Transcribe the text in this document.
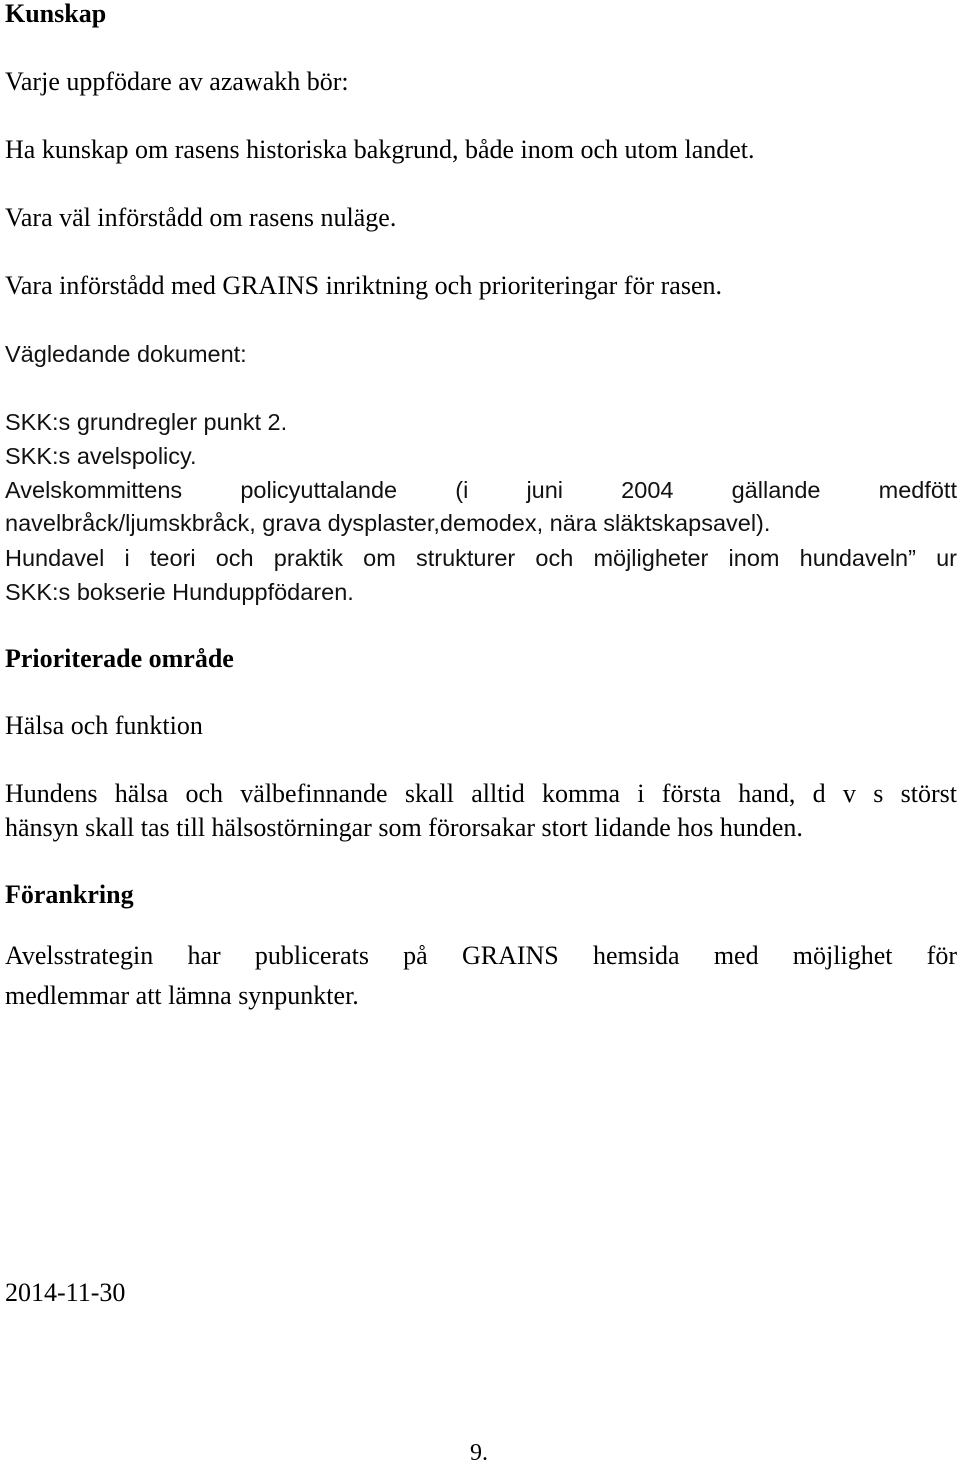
Kunskap

Varje uppfödare av azawakh bör:

Ha kunskap om rasens historiska bakgrund, både inom och utom landet.

Vara väl införstådd om rasens nuläge.

Vara införstådd med GRAINS inriktning och prioriteringar för rasen.

Vägledande dokument:

SKK:s grundregler punkt 2.

SKK:s avelspolicy.

Avelskommittens policyuttalande (i juni 2004 gällande medfött

navelbråck/ljumskbråck, grava dysplaster,demodex, nära släktskapsavel).

Hundavel i teori och praktik om strukturer och möjligheter inom hundaveln” ur

SKK:s bokserie Hunduppfödaren.

Prioriterade område

Hälsa och funktion

Hundens hälsa och välbefinnande skall alltid komma i första hand, d v s störst

hänsyn skall tas till hälsostörningar som förorsakar stort lidande hos hunden.

Förankring

Avelsstrategin har publicerats på GRAINS hemsida med möjlighet för

medlemmar att lämna synpunkter.

2014-11-30

9.
